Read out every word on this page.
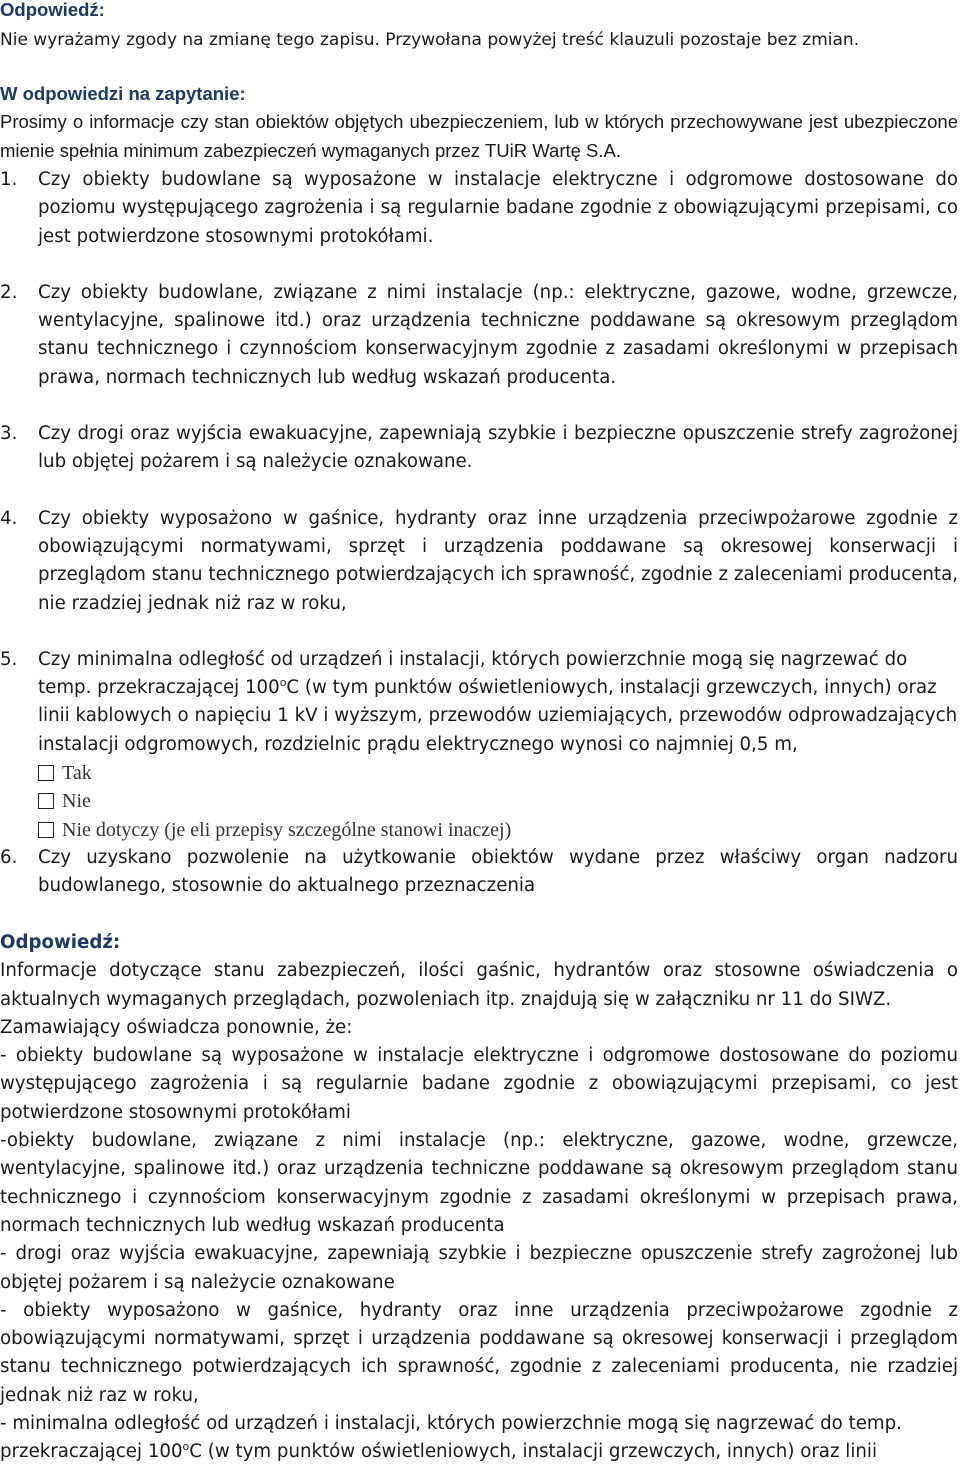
Odpowiedź:

Nie wyrażamy zgody na zmianę tego zapisu. Przywołana powyżej treść klauzuli pozostaje bez zmian.

W odpowiedzi na zapytanie:

Prosimy o informacje czy stan obiektów objętych ubezpieczeniem, lub w których przechowywane jest ubezpieczone mienie spełnia minimum zabezpieczeń wymaganych przez TUiR Wartę S.A.

1.	Czy obiekty budowlane są wyposażone w instalacje elektryczne i odgromowe dostosowane do poziomu występującego zagrożenia i są regularnie badane zgodnie z obowiązującymi przepisami, co jest potwierdzone stosownymi protokółami.
2.	Czy obiekty budowlane, związane z nimi instalacje (np.: elektryczne, gazowe, wodne, grzewcze, wentylacyjne, spalinowe itd.) oraz urządzenia techniczne poddawane są okresowym przeglądom stanu technicznego i czynnościom konserwacyjnym zgodnie z zasadami określonymi w przepisach prawa, normach technicznych lub według wskazań producenta.
3.	Czy drogi oraz wyjścia ewakuacyjne, zapewniają szybkie i bezpieczne opuszczenie strefy zagrożonej lub objętej pożarem i są należycie oznakowane.
4.	Czy obiekty wyposażono w gaśnice, hydranty oraz inne urządzenia przeciwpożarowe zgodnie z obowiązującymi normatywami, sprzęt i urządzenia poddawane są okresowej konserwacji i przeglądom stanu technicznego potwierdzających ich sprawność, zgodnie z zaleceniami producenta, nie rzadziej jednak niż raz w roku,
5.	Czy minimalna odległość od urządzeń i instalacji, których powierzchnie mogą się nagrzewać do temp. przekraczającej 100$^o$C (w tym punktów oświetleniowych, instalacji grzewczych, innych) oraz linii kablowych o napięciu 1 kV i wyższym, przewodów uziemiających, przewodów odprowadzających instalacji odgromowych, rozdzielnic prądu elektrycznego wynosi co najmniej 0,5 m,
Tak
Nie
Nie dotyczy (je eli przepisy szczególne stanowi inaczej)
6.	Czy uzyskano pozwolenie na użytkowanie obiektów wydane przez właściwy organ nadzoru budowlanego, stosownie do aktualnego przeznaczenia

Odpowiedź:

Informacje dotyczące stanu zabezpieczeń, ilości gaśnic, hydrantów oraz stosowne oświadczenia o aktualnych wymaganych przeglądach, pozwoleniach itp. znajdują się w załączniku nr 11 do SIWZ.

Zamawiający oświadcza ponownie, że:

- obiekty budowlane są wyposażone w instalacje elektryczne i odgromowe dostosowane do poziomu występującego zagrożenia i są regularnie badane zgodnie z obowiązującymi przepisami, co jest potwierdzone stosownymi protokółami

-obiekty budowlane, związane z nimi instalacje (np.: elektryczne, gazowe, wodne, grzewcze, wentylacyjne, spalinowe itd.) oraz urządzenia techniczne poddawane są okresowym przeglądom stanu technicznego i czynnościom konserwacyjnym zgodnie z zasadami określonymi w przepisach prawa, normach technicznych lub według wskazań producenta

- drogi oraz wyjścia ewakuacyjne, zapewniają szybkie i bezpieczne opuszczenie strefy zagrożonej lub objętej pożarem i są należycie oznakowane

- obiekty wyposażono w gaśnice, hydranty oraz inne urządzenia przeciwpożarowe zgodnie z obowiązującymi normatywami, sprzęt i urządzenia poddawane są okresowej konserwacji i przeglądom stanu technicznego potwierdzających ich sprawność, zgodnie z zaleceniami producenta, nie rzadziej jednak niż raz w roku,

- minimalna odległość od urządzeń i instalacji, których powierzchnie mogą się nagrzewać do temp. przekraczającej 100$^o$C (w tym punktów oświetleniowych, instalacji grzewczych, innych) oraz linii
